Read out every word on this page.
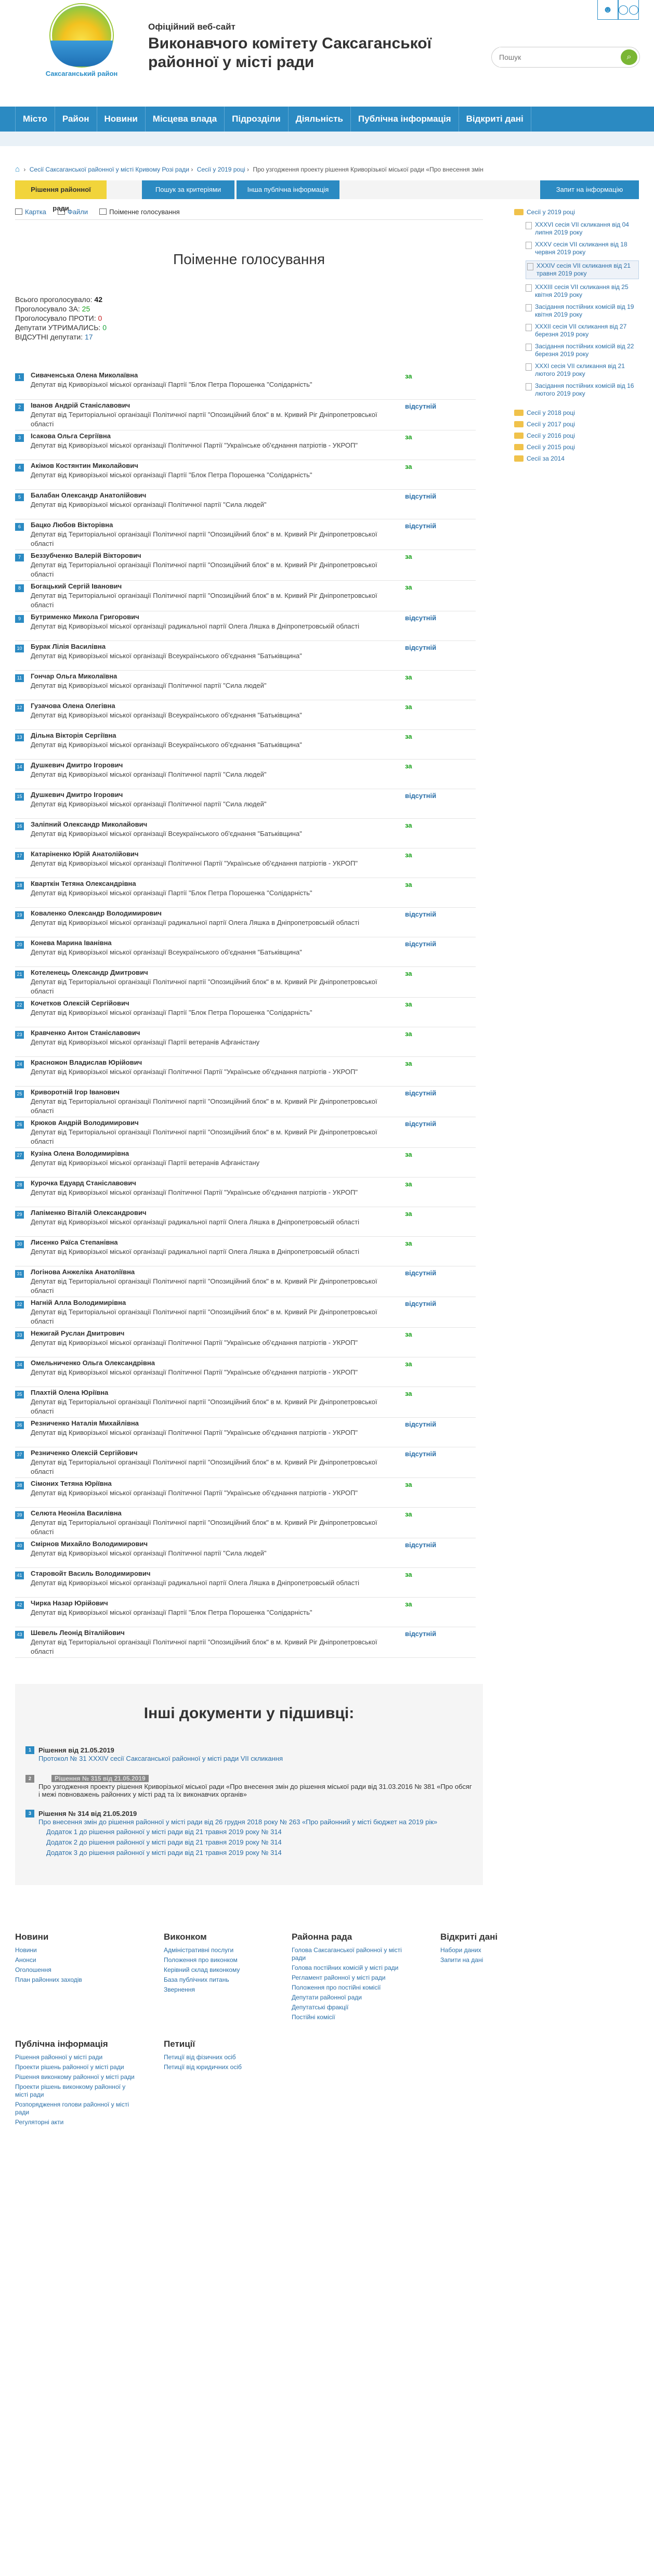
Саксаганський район
Офіційний веб-сайт
Виконавчого комітету Саксаганської районної у місті ради
☻ ◯◯
Пошук
⌕
Місто	Район	Новини	Місцева влада	Підрозділи	Діяльність	Публічна інформація	Відкриті дані
⌂ › Сесії Саксаганської районної у місті Кривому Розі ради › Сесії у 2019 році › Про узгодження проекту рішення Криворізької міської ради «Про внесення змін
Рішення районної ради
Пошук за критеріями	Інша публічна інформація	Запит на інформацію
Картка	Файли	Поіменне голосування
Поіменне голосування
Всього проголосувало: 42
Проголосувало ЗА: 25
Проголосувало ПРОТИ: 0
Депутати УТРИМАЛИСЬ: 0
ВІДСУТНІ депутати: 17
1	Сиваченська Олена Миколаївна
Депутат від Криворізької міської організації Партії "Блок Петра Порошенка "Солідарність"	за
2	Іванов Андрій Станіславович
Депутат від Територіальної організації Політичної партії "Опозиційний блок" в м. Кривий Ріг Дніпропетровської області	відсутній
3	Ісакова Ольга Сергіївна
Депутат від Криворізької міської організації Політичної Партії "Українське об'єднання патріотів - УКРОП"	за
4	Акімов Костянтин Миколайович
Депутат від Криворізької міської організації Партії "Блок Петра Порошенка "Солідарність"	за
5	Балабан Олександр Анатолійович
Депутат від Криворізької міської організації Політичної партії "Сила людей"	відсутній
6	Бацко Любов Вікторівна
Депутат від Територіальної організації Політичної партії "Опозиційний блок" в м. Кривий Ріг Дніпропетровської області	відсутній
7	Беззубченко Валерій Вікторович
Депутат від Територіальної організації Політичної партії "Опозиційний блок" в м. Кривий Ріг Дніпропетровської області	за
8	Богацький Сергій Іванович
Депутат від Територіальної організації Політичної партії "Опозиційний блок" в м. Кривий Ріг Дніпропетровської області	за
9	Бутрименко Микола Григорович
Депутат від Криворізької міської організації радикальної партії Олега Ляшка в Дніпропетровській області	відсутній
10	Бурак Лілія Василівна
Депутат від Криворізької міської організації Всеукраїнського об'єднання "Батьківщина"	відсутній
11	Гончар Ольга Миколаївна
Депутат від Криворізької міської організації Політичної партії "Сила людей"	за
12	Гузачова Олена Олегівна
Депутат від Криворізької міської організації Всеукраїнського об'єднання "Батьківщина"	за
13	Дільна Вікторія Сергіївна
Депутат від Криворізької міської організації Всеукраїнського об'єднання "Батьківщина"	за
14	Душкевич Дмитро Ігорович
Депутат від Криворізької міської організації Політичної партії "Сила людей"	за
15	Душкевич Дмитро Ігорович
Депутат від Криворізької міської організації Політичної партії "Сила людей"	відсутній
16	Заліпний Олександр Миколайович
Депутат від Криворізької міської організації Всеукраїнського об'єднання "Батьківщина"	за
17	Катаріненко Юрій Анатолійович
Депутат від Криворізької міської організації Політичної Партії "Українське об'єднання патріотів - УКРОП"	за
18	Кварткін Тетяна Олександрівна
Депутат від Криворізької міської організації Партії "Блок Петра Порошенка "Солідарність"	за
19	Коваленко Олександр Володимирович
Депутат від Криворізької міської організації радикальної партії Олега Ляшка в Дніпропетровській області	відсутній
20	Конева Марина Іванівна
Депутат від Криворізької міської організації Всеукраїнського об'єднання "Батьківщина"	відсутній
21	Котеленець Олександр Дмитрович
Депутат від Територіальної організації Політичної партії "Опозиційний блок" в м. Кривий Ріг Дніпропетровської області	за
22	Кочетков Олексій Сергійович
Депутат від Криворізької міської організації Партії "Блок Петра Порошенка "Солідарність"	за
23	Кравченко Антон Станіславович
Депутат від Криворізької міської організації Партії ветеранів Афганістану	за
24	Красножон Владислав Юрійович
Депутат від Криворізької міської організації Політичної Партії "Українське об'єднання патріотів - УКРОП"	за
25	Криворотній Ігор Іванович
Депутат від Територіальної організації Політичної партії "Опозиційний блок" в м. Кривий Ріг Дніпропетровської області	відсутній
26	Крюков Андрій Володимирович
Депутат від Територіальної організації Політичної партії "Опозиційний блок" в м. Кривий Ріг Дніпропетровської області	відсутній
27	Кузіна Олена Володимирівна
Депутат від Криворізької міської організації Партії ветеранів Афганістану	за
28	Курочка Едуард Станіславович
Депутат від Криворізької міської організації Політичної Партії "Українське об'єднання патріотів - УКРОП"	за
29	Лапіменко Віталій Олександрович
Депутат від Криворізької міської організації радикальної партії Олега Ляшка в Дніпропетровській області	за
30	Лисенко Раїса Степанівна
Депутат від Криворізької міської організації радикальної партії Олега Ляшка в Дніпропетровській області	за
31	Логінова Анжеліка Анатоліївна
Депутат від Територіальної організації Політичної партії "Опозиційний блок" в м. Кривий Ріг Дніпропетровської області	відсутній
32	Нагній Алла Володимирівна
Депутат від Територіальної організації Політичної партії "Опозиційний блок" в м. Кривий Ріг Дніпропетровської області	відсутній
33	Нежигай Руслан Дмитрович
Депутат від Криворізької міської організації Політичної Партії "Українське об'єднання патріотів - УКРОП"	за
34	Омельниченко Ольга Олександрівна
Депутат від Криворізької міської організації Політичної Партії "Українське об'єднання патріотів - УКРОП"	за
35	Плахтій Олена Юріївна
Депутат від Територіальної організації Політичної партії "Опозиційний блок" в м. Кривий Ріг Дніпропетровської області	за
36	Резниченко Наталія Михайлівна
Депутат від Криворізької міської організації Політичної Партії "Українське об'єднання патріотів - УКРОП"	відсутній
37	Резниченко Олексій Сергійович
Депутат від Територіальної організації Політичної партії "Опозиційний блок" в м. Кривий Ріг Дніпропетровської області	відсутній
38	Сімоних Тетяна Юріївна
Депутат від Криворізької міської організації Політичної Партії "Українське об'єднання патріотів - УКРОП"	за
39	Селюта Неоніла Василівна
Депутат від Територіальної організації Політичної партії "Опозиційний блок" в м. Кривий Ріг Дніпропетровської області	за
40	Смірнов Михайло Володимирович
Депутат від Криворізької міської організації Політичної партії "Сила людей"	відсутній
41	Старовойт Василь Володимирович
Депутат від Криворізької міської організації радикальної партії Олега Ляшка в Дніпропетровській області	за
42	Чирка Назар Юрійович
Депутат від Криворізької міської організації Партії "Блок Петра Порошенка "Солідарність"	за
43	Шевель Леонід Віталійович
Депутат від Територіальної організації Політичної партії "Опозиційний блок" в м. Кривий Ріг Дніпропетровської області	відсутній
Інші документи у підшивці:
1	Рішення від 21.05.2019
Протокол № 31 XXXIV сесії Саксаганської районної у місті ради VII скликання
2	Рішення № 315 від 21.05.2019
Про узгодження проекту рішення Криворізької міської ради «Про внесення змін до рішення міської ради від 31.03.2016 № 381 «Про обсяг і межі повноважень районних у місті рад та їх виконавчих органів»
3	Рішення № 314 від 21.05.2019
Про внесення змін до рішення районної у місті ради від 26 грудня 2018 року № 263 «Про районний у місті бюджет на 2019 рік»
Додаток 1 до рішення районної у місті ради від 21 травня 2019 року № 314
Додаток 2 до рішення районної у місті ради від 21 травня 2019 року № 314
Додаток 3 до рішення районної у місті ради від 21 травня 2019 року № 314
Сесії у 2019 році
XXXVI сесія VII скликання від 04 липня 2019 року
XXXV сесія VII скликання від 18 червня 2019 року
XXXIV сесія VII скликання від 21 травня 2019 року
XXXIII сесія VII скликання від 25 квітня 2019 року
Засідання постійних комісій від 19 квітня 2019 року
XXXII сесія VII скликання від 27 березня 2019 року
Засідання постійних комісій від 22 березня 2019 року
XXXI сесія VII скликання від 21 лютого 2019 року
Засідання постійних комісій від 16 лютого 2019 року
Сесії у 2018 році
Сесії у 2017 році
Сесії у 2016 році
Сесії у 2015 році
Сесії за 2014
Новини
Новини
Анонси
Оголошення
План районних заходів
Виконком
Адміністративні послуги
Положення про виконком
Керівний склад виконкому
База публічних питань
Звернення
Районна рада
Голова Саксаганської районної у місті ради
Голова постійних комісій у місті ради
Регламент районної у місті ради
Положення про постійні комісії
Депутати районної ради
Депутатські фракції
Постійні комісії
Відкриті дані
Набори даних
Запити на дані
Публічна інформація
Рішення районної у місті ради
Проекти рішень районної у місті ради
Рішення виконкому районної у місті ради
Проекти рішень виконкому районної у місті ради
Розпорядження голови районної у місті ради
Регуляторні акти
Петиції
Петиції від фізичних осіб
Петиції від юридичних осіб
